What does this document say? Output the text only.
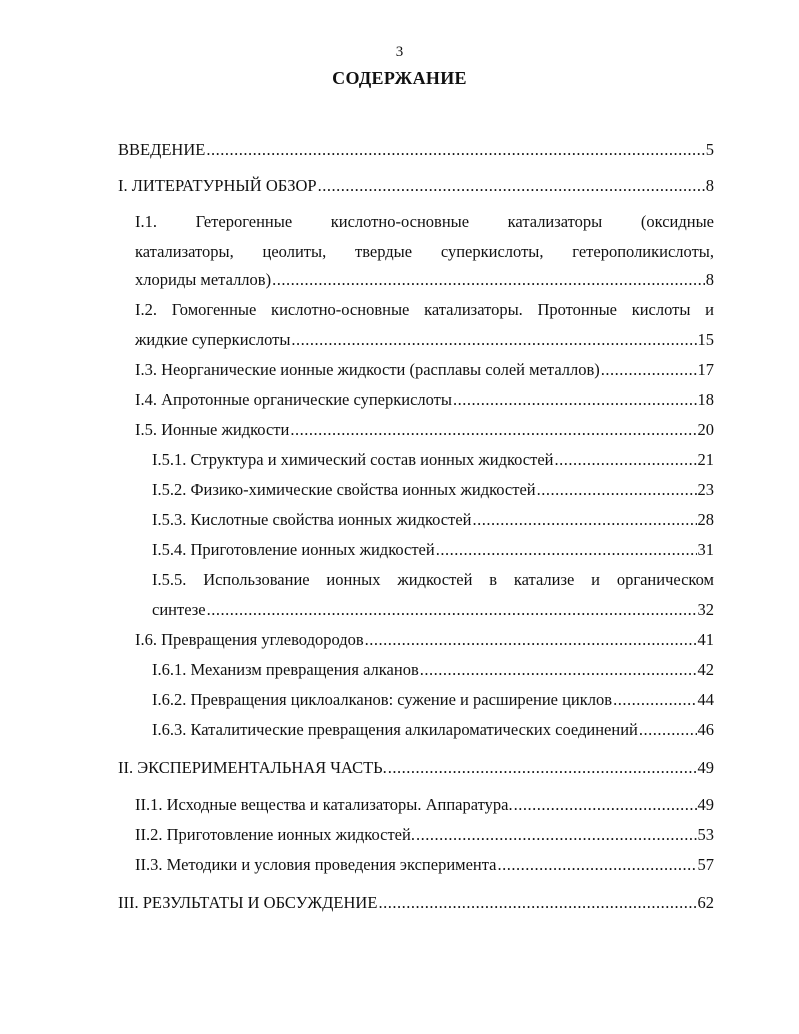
3
СОДЕРЖАНИЕ
ВВЕДЕНИЕ .....	5
I. ЛИТЕРАТУРНЫЙ ОБЗОР .....	8
I.1. Гетерогенные кислотно-основные катализаторы (оксидные
катализаторы, цеолиты, твердые суперкислоты, гетерополикислоты,
хлориды металлов) .....	8
I.2. Гомогенные кислотно-основные катализаторы. Протонные кислоты и
жидкие суперкислоты .....	15
I.3. Неорганические ионные жидкости (расплавы солей металлов) .....	17
I.4. Апротонные органические суперкислоты .....	18
I.5. Ионные жидкости .....	20
I.5.1. Структура и химический состав ионных жидкостей .....	21
I.5.2. Физико-химические свойства ионных жидкостей .....	23
I.5.3. Кислотные свойства ионных жидкостей .....	28
I.5.4. Приготовление ионных жидкостей .....	31
I.5.5. Использование ионных жидкостей в катализе и органическом
синтезе .....	32
I.6. Превращения углеводородов .....	41
I.6.1. Механизм превращения алканов .....	42
I.6.2. Превращения циклоалканов: сужение и расширение циклов .....	44
I.6.3. Каталитические превращения алкилароматических соединений .....	46
II. ЭКСПЕРИМЕНТАЛЬНАЯ ЧАСТЬ. .....	49
II.1. Исходные вещества и катализаторы. Аппаратура. .....	49
II.2. Приготовление ионных жидкостей. .....	53
II.3. Методики и условия проведения эксперимента .....	57
III. РЕЗУЛЬТАТЫ И ОБСУЖДЕНИЕ .....	62
